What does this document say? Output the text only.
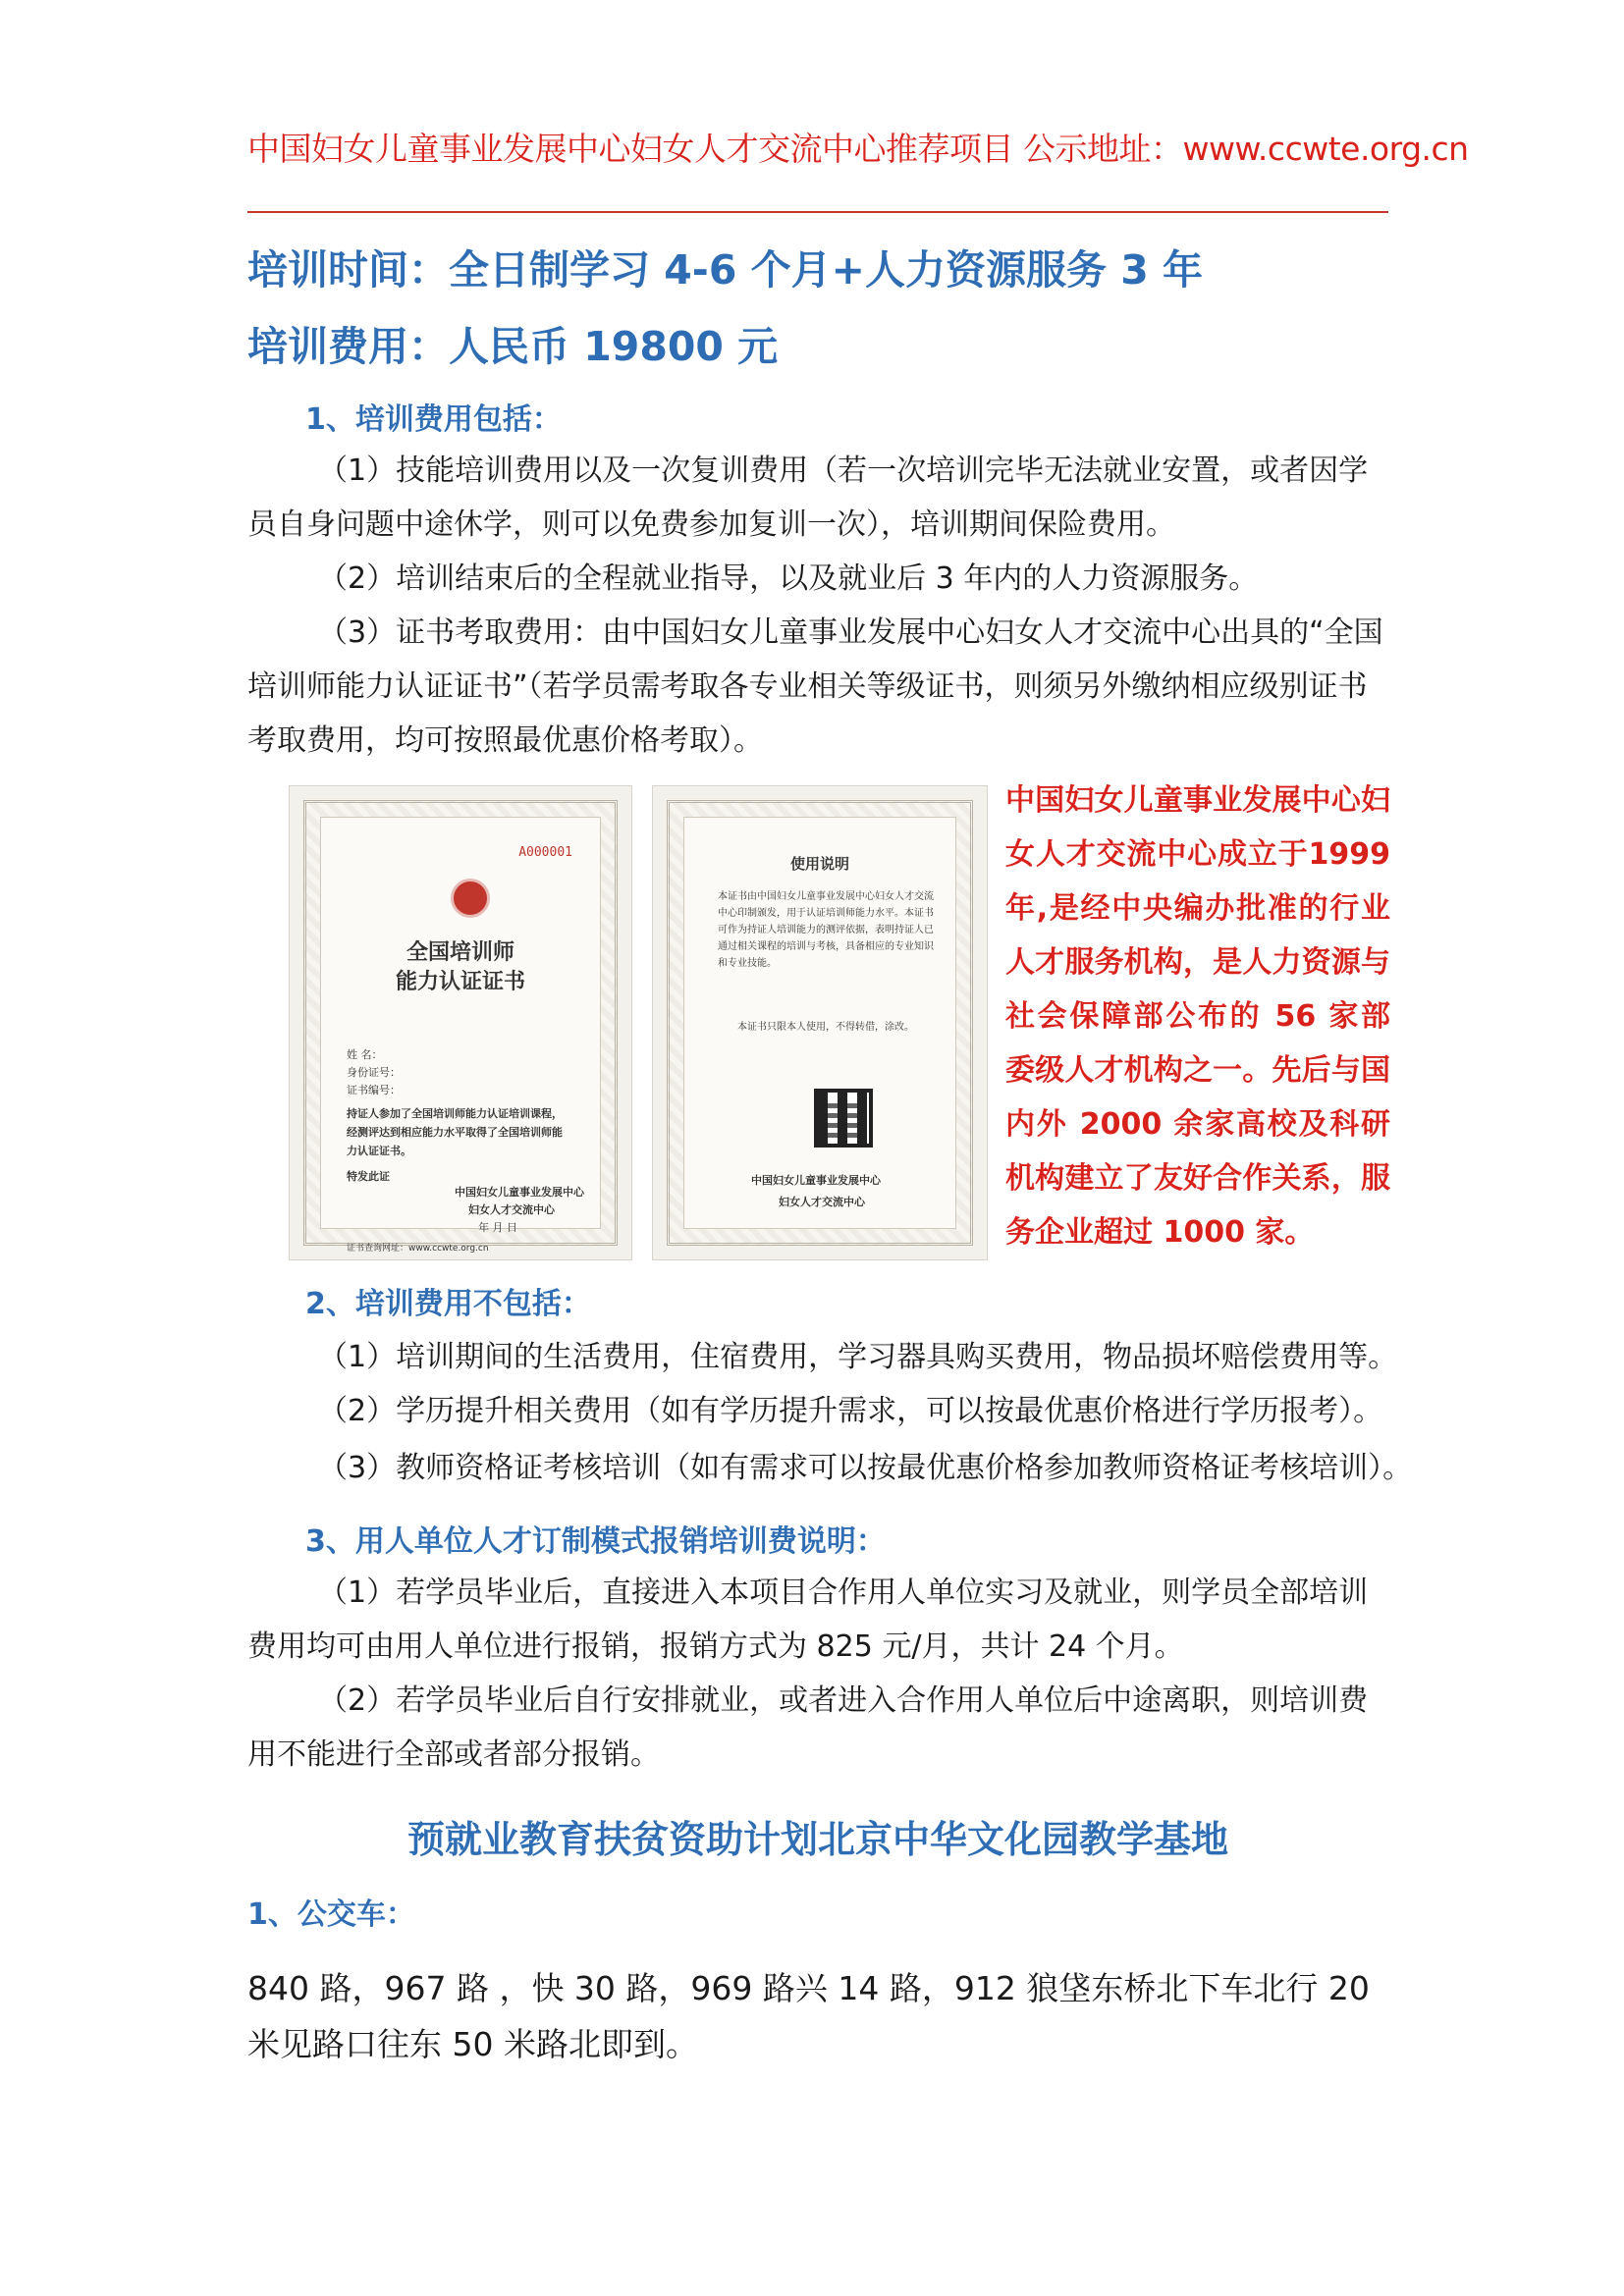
中国妇女儿童事业发展中心妇女人才交流中心推荐项目 公示地址：www.ccwte.org.cn
培训时间：全日制学习 4-6 个月+人力资源服务 3 年
培训费用：人民币 19800 元
1、培训费用包括：
（1）技能培训费用以及一次复训费用（若一次培训完毕无法就业安置，或者因学员自身问题中途休学，则可以免费参加复训一次），培训期间保险费用。
（2）培训结束后的全程就业指导，以及就业后 3 年内的人力资源服务。
（3）证书考取费用：由中国妇女儿童事业发展中心妇女人才交流中心出具的“全国培训师能力认证证书”（若学员需考取各专业相关等级证书，则须另外缴纳相应级别证书考取费用，均可按照最优惠价格考取）。
A000001
全国培训师
能力认证证书
姓 名：
身份证号：
证书编号：
持证人参加了全国培训师能力认证培训课程，经测评达到相应能力水平取得了全国培训师能力认证证书。
特发此证
中国妇女儿童事业发展中心
妇女人才交流中心
年 月 日
证书查询网址：www.ccwte.org.cn
使用说明
本证书由中国妇女儿童事业发展中心妇女人才交流中心印制颁发，用于认证培训师能力水平。本证书可作为持证人培训能力的测评依据，表明持证人已通过相关课程的培训与考核，具备相应的专业知识和专业技能。
本证书只限本人使用，不得转借，涂改。
中国妇女儿童事业发展中心
妇女人才交流中心
中国妇女儿童事业发展中心妇女人才交流中心成立于1999 年,是经中央编办批准的行业人才服务机构，是人力资源与社会保障部公布的 56 家部委级人才机构之一。先后与国内外 2000 余家高校及科研机构建立了友好合作关系，服务企业超过 1000 家。
2、培训费用不包括：
（1）培训期间的生活费用，住宿费用，学习器具购买费用，物品损坏赔偿费用等。
（2）学历提升相关费用（如有学历提升需求，可以按最优惠价格进行学历报考）。
（3）教师资格证考核培训（如有需求可以按最优惠价格参加教师资格证考核培训）。
3、用人单位人才订制模式报销培训费说明：
（1）若学员毕业后，直接进入本项目合作用人单位实习及就业，则学员全部培训费用均可由用人单位进行报销，报销方式为 825 元/月，共计 24 个月。
（2）若学员毕业后自行安排就业，或者进入合作用人单位后中途离职，则培训费用不能进行全部或者部分报销。
预就业教育扶贫资助计划北京中华文化园教学基地
1、公交车：
840 路，967 路 ，快 30 路，969 路兴 14 路，912 狼垡东桥北下车北行 20 米见路口往东 50 米路北即到。
